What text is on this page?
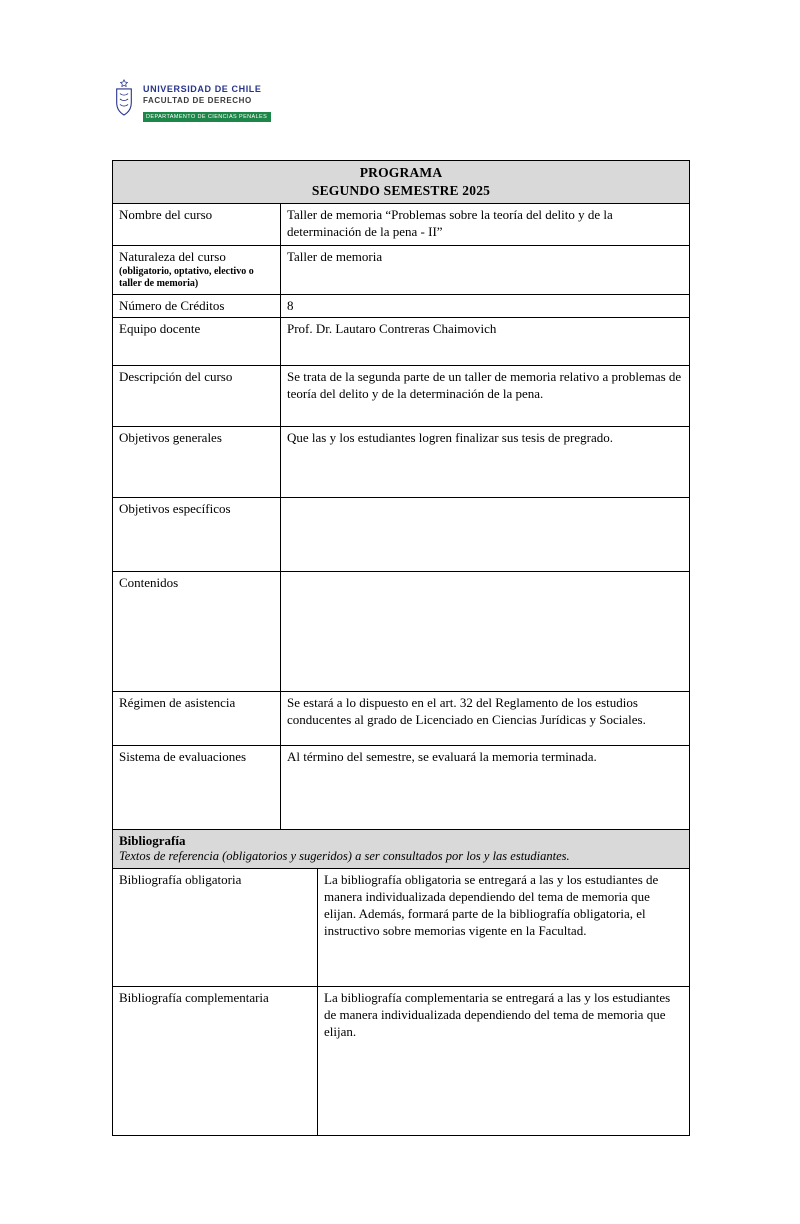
UNIVERSIDAD DE CHILE
FACULTAD DE DERECHO
DEPARTAMENTO DE CIENCIAS PENALES
PROGRAMA
SEGUNDO SEMESTRE 2025	

Nombre del curso	Taller de memoria “Problemas sobre la teoría del delito y de la determinación de la pena - II”
Naturaleza del curso
(obligatorio, optativo, electivo o taller de memoria)	Taller de memoria
Número de Créditos	8
Equipo docente	Prof. Dr. Lautaro Contreras Chaimovich
Descripción del curso	Se trata de la segunda parte de un taller de memoria relativo a problemas de teoría del delito y de la determinación de la pena.
Objetivos generales	Que las y los estudiantes logren finalizar sus tesis de pregrado.
Objetivos específicos	
Contenidos	
Régimen de asistencia	Se estará a lo dispuesto en el art. 32 del Reglamento de los estudios conducentes al grado de Licenciado en Ciencias Jurídicas y Sociales.
Sistema de evaluaciones	Al término del semestre, se evaluará la memoria terminada.
Bibliografía
Textos de referencia (obligatorios y sugeridos) a ser consultados por los y las estudiantes.	

Bibliografía obligatoria	La bibliografía obligatoria se entregará a las y los estudiantes de manera individualizada dependiendo del tema de memoria que elijan. Además, formará parte de la bibliografía obligatoria, el instructivo sobre memorias vigente en la Facultad.
Bibliografía complementaria	La bibliografía complementaria se entregará a las y los estudiantes de manera individualizada dependiendo del tema de memoria que elijan.
